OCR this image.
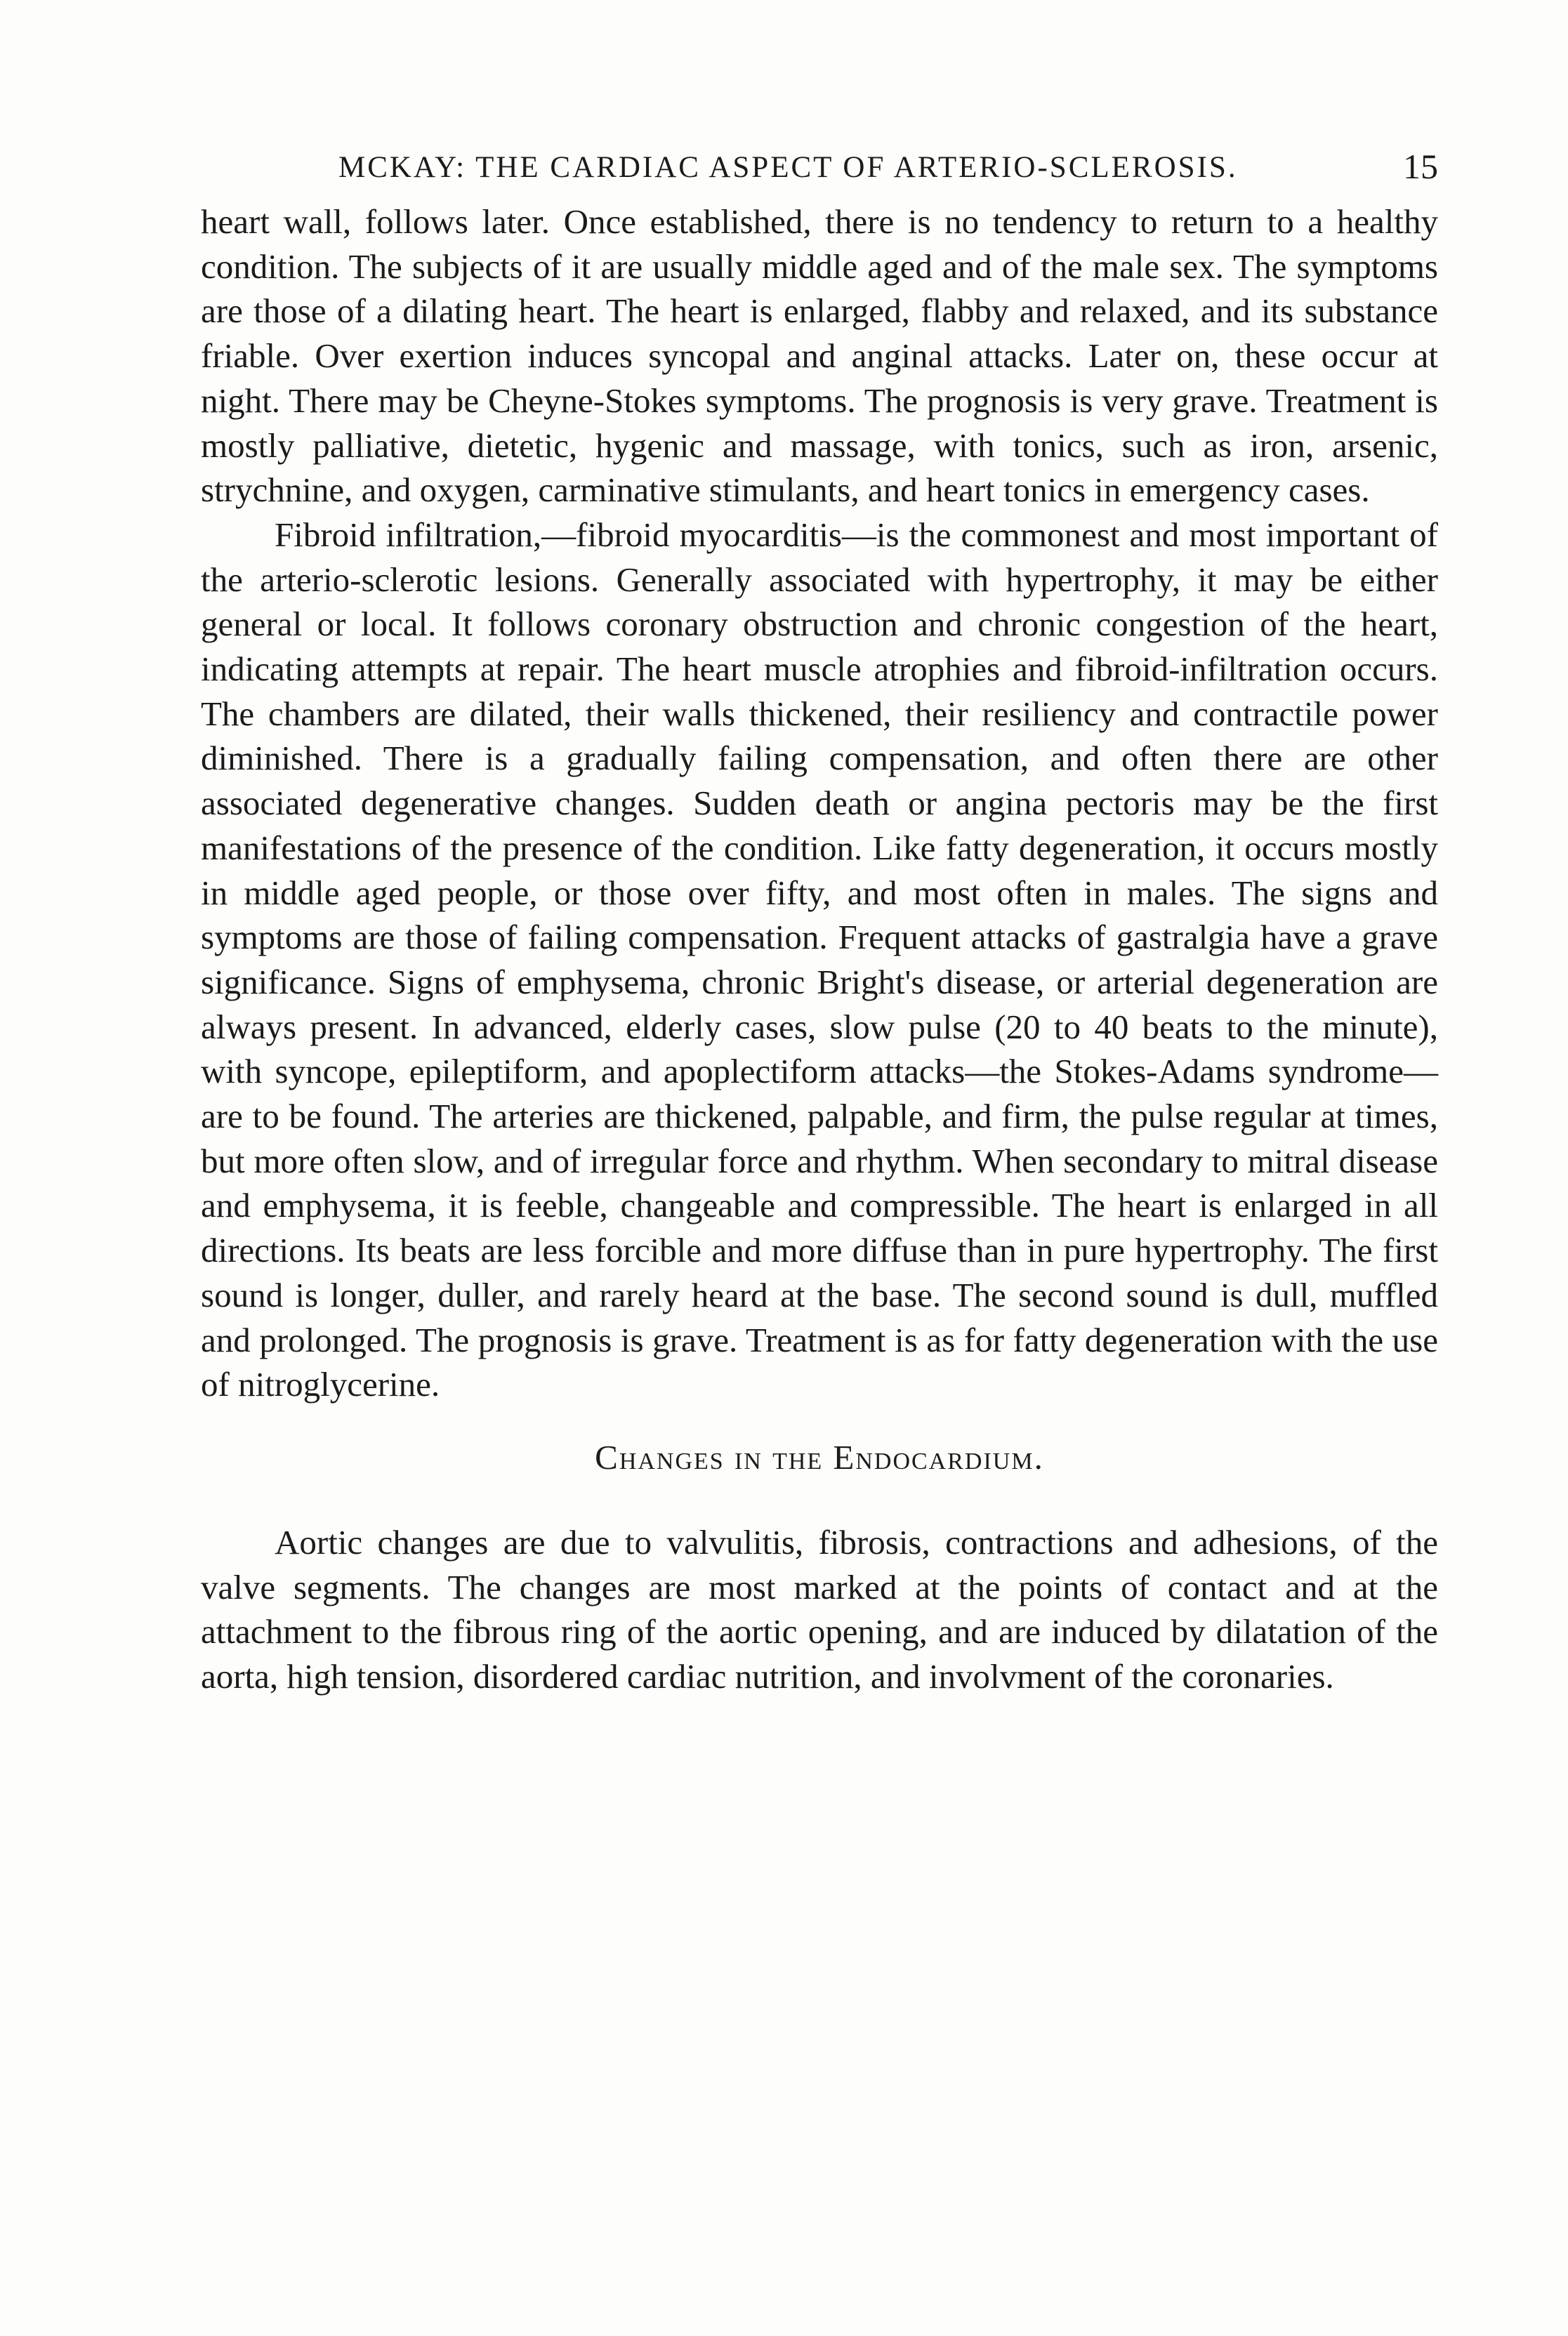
MCKAY: THE CARDIAC ASPECT OF ARTERIO-SCLEROSIS.	15

heart wall, follows later. Once established, there is no tendency to return to a healthy condition. The subjects of it are usually middle aged and of the male sex. The symptoms are those of a dilating heart. The heart is enlarged, flabby and relaxed, and its substance friable. Over exertion induces syncopal and anginal attacks. Later on, these occur at night. There may be Cheyne-Stokes symptoms. The prognosis is very grave. Treatment is mostly palliative, dietetic, hygenic and massage, with tonics, such as iron, arsenic, strychnine, and oxygen, carminative stimulants, and heart tonics in emergency cases.

Fibroid infiltration,—fibroid myocarditis—is the commonest and most important of the arterio-sclerotic lesions. Generally associated with hypertrophy, it may be either general or local. It follows coronary obstruction and chronic congestion of the heart, indicating attempts at repair. The heart muscle atrophies and fibroid-infiltration occurs. The chambers are dilated, their walls thickened, their resiliency and contractile power diminished. There is a gradually failing compensation, and often there are other associated degenerative changes. Sudden death or angina pectoris may be the first manifestations of the presence of the condition. Like fatty degeneration, it occurs mostly in middle aged people, or those over fifty, and most often in males. The signs and symptoms are those of failing compensation. Frequent attacks of gastralgia have a grave significance. Signs of emphysema, chronic Bright's disease, or arterial degeneration are always present. In advanced, elderly cases, slow pulse (20 to 40 beats to the minute), with syncope, epileptiform, and apoplectiform attacks—the Stokes-Adams syndrome—are to be found. The arteries are thickened, palpable, and firm, the pulse regular at times, but more often slow, and of irregular force and rhythm. When secondary to mitral disease and emphysema, it is feeble, changeable and compressible. The heart is enlarged in all directions. Its beats are less forcible and more diffuse than in pure hypertrophy. The first sound is longer, duller, and rarely heard at the base. The second sound is dull, muffled and prolonged. The prognosis is grave. Treatment is as for fatty degeneration with the use of nitroglycerine.

Changes in the Endocardium.

Aortic changes are due to valvulitis, fibrosis, contractions and adhesions, of the valve segments. The changes are most marked at the points of contact and at the attachment to the fibrous ring of the aortic opening, and are induced by dilatation of the aorta, high tension, disordered cardiac nutrition, and involvment of the coronaries.
